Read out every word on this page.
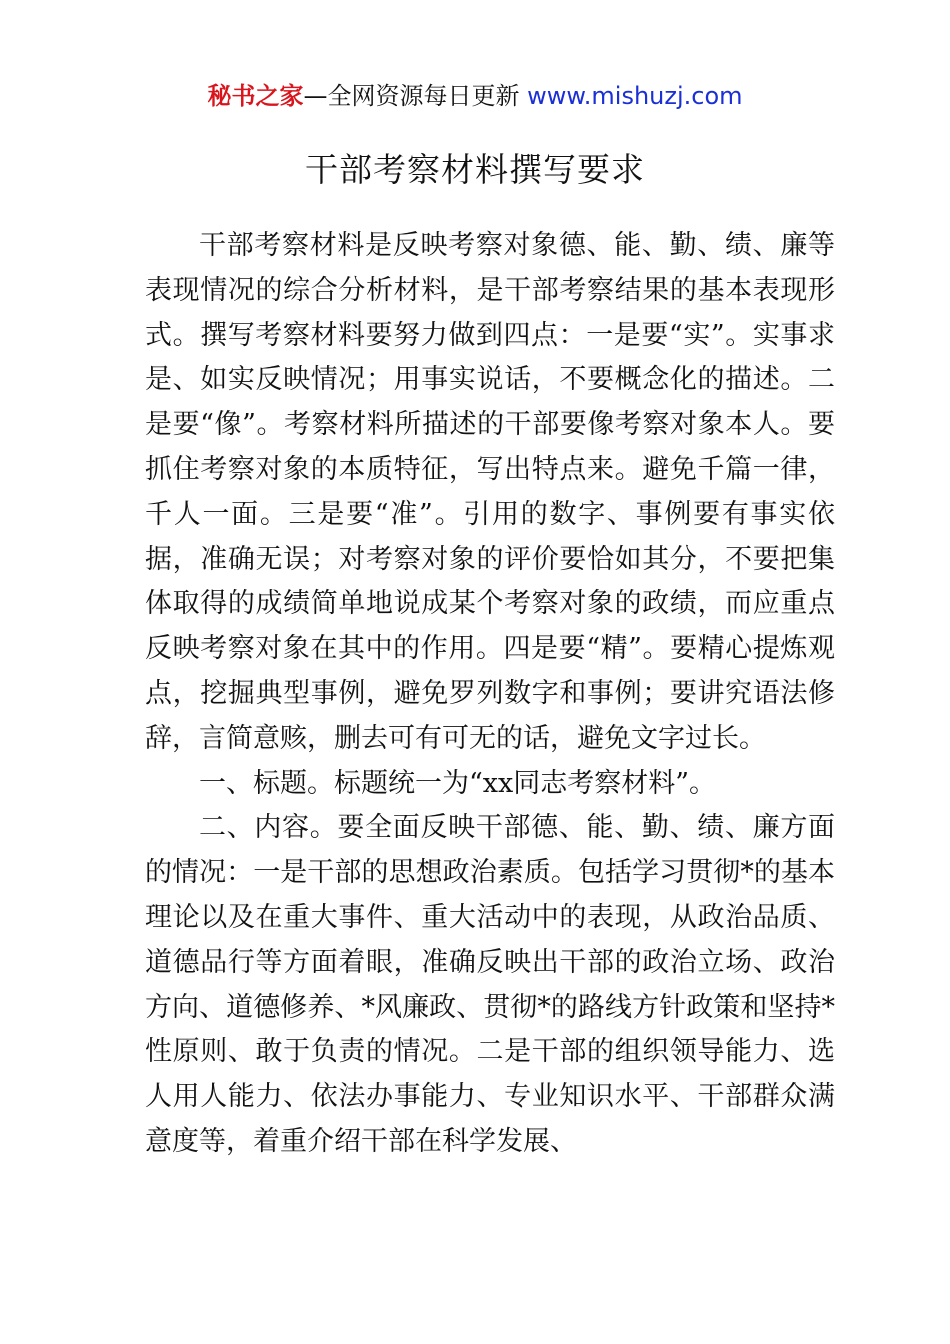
秘书之家—全网资源每日更新 www.mishuzj.com
干部考察材料撰写要求

干部考察材料是反映考察对象德、能、勤、绩、廉等表现情况的综合分析材料，是干部考察结果的基本表现形式。撰写考察材料要努力做到四点：一是要“实”。实事求是、如实反映情况；用事实说话，不要概念化的描述。二是要“像”。考察材料所描述的干部要像考察对象本人。要抓住考察对象的本质特征，写出特点来。避免千篇一律，千人一面。三是要“准”。引用的数字、事例要有事实依据，准确无误；对考察对象的评价要恰如其分，不要把集体取得的成绩简单地说成某个考察对象的政绩，而应重点反映考察对象在其中的作用。四是要“精”。要精心提炼观点，挖掘典型事例，避免罗列数字和事例；要讲究语法修辞，言简意赅，删去可有可无的话，避免文字过长。

一、标题。标题统一为“xx同志考察材料”。

二、内容。要全面反映干部德、能、勤、绩、廉方面的情况：一是干部的思想政治素质。包括学习贯彻*的基本理论以及在重大事件、重大活动中的表现，从政治品质、道德品行等方面着眼，准确反映出干部的政治立场、政治方向、道德修养、*风廉政、贯彻*的路线方针政策和坚持*性原则、敢于负责的情况。二是干部的组织领导能力、选人用人能力、依法办事能力、专业知识水平、干部群众满意度等，着重介绍干部在科学发展、
